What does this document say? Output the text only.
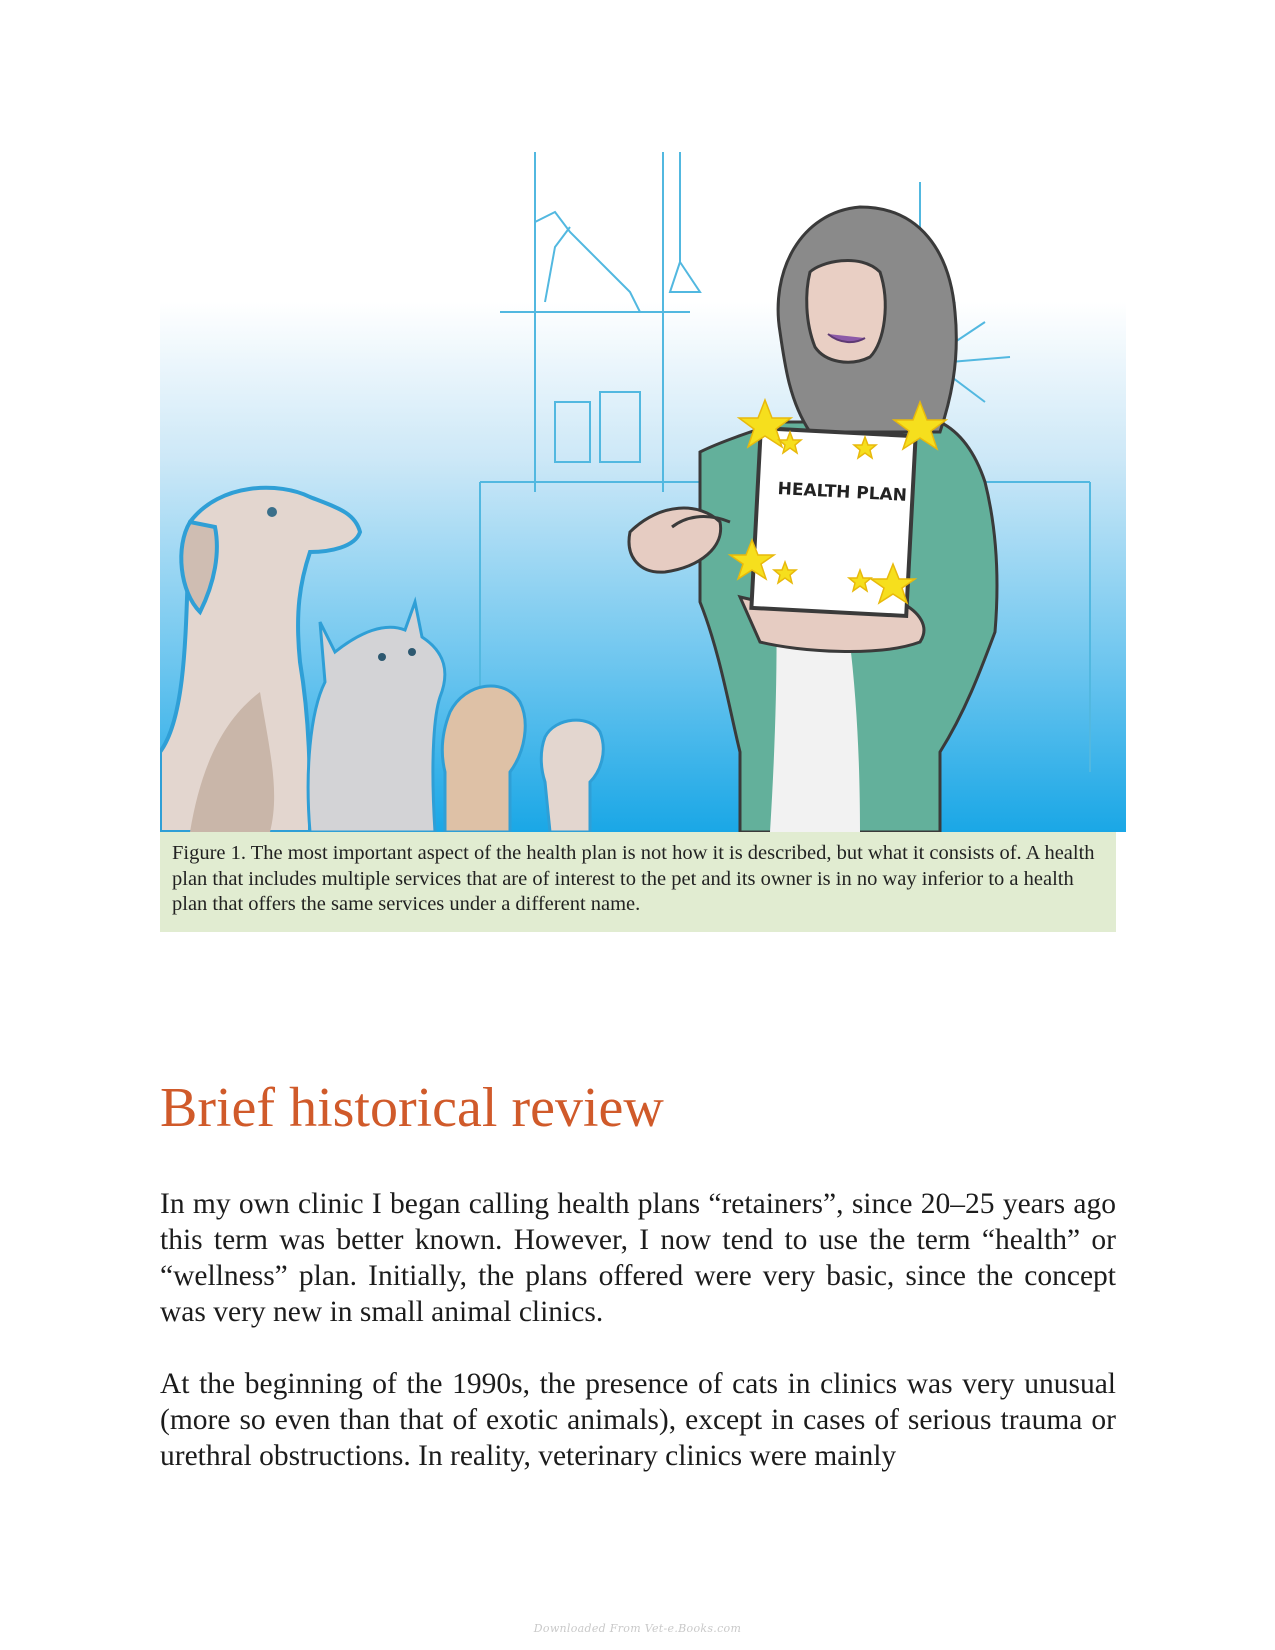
HEALTH PLAN
Figure 1. The most important aspect of the health plan is not how it is described, but what it consists of. A health plan that includes multiple services that are of interest to the pet and its owner is in no way inferior to a health plan that offers the same services under a different name.
Brief historical review

In my own clinic I began calling health plans “retainers”, since 20–25 years ago this term was better known. However, I now tend to use the term “health” or “wellness” plan. Initially, the plans offered were very basic, since the concept was very new in small animal clinics.

At the beginning of the 1990s, the presence of cats in clinics was very unusual (more so even than that of exotic animals), except in cases of serious trauma or urethral obstructions. In reality, veterinary clinics were mainly

Downloaded From Vet-e.Books.com
